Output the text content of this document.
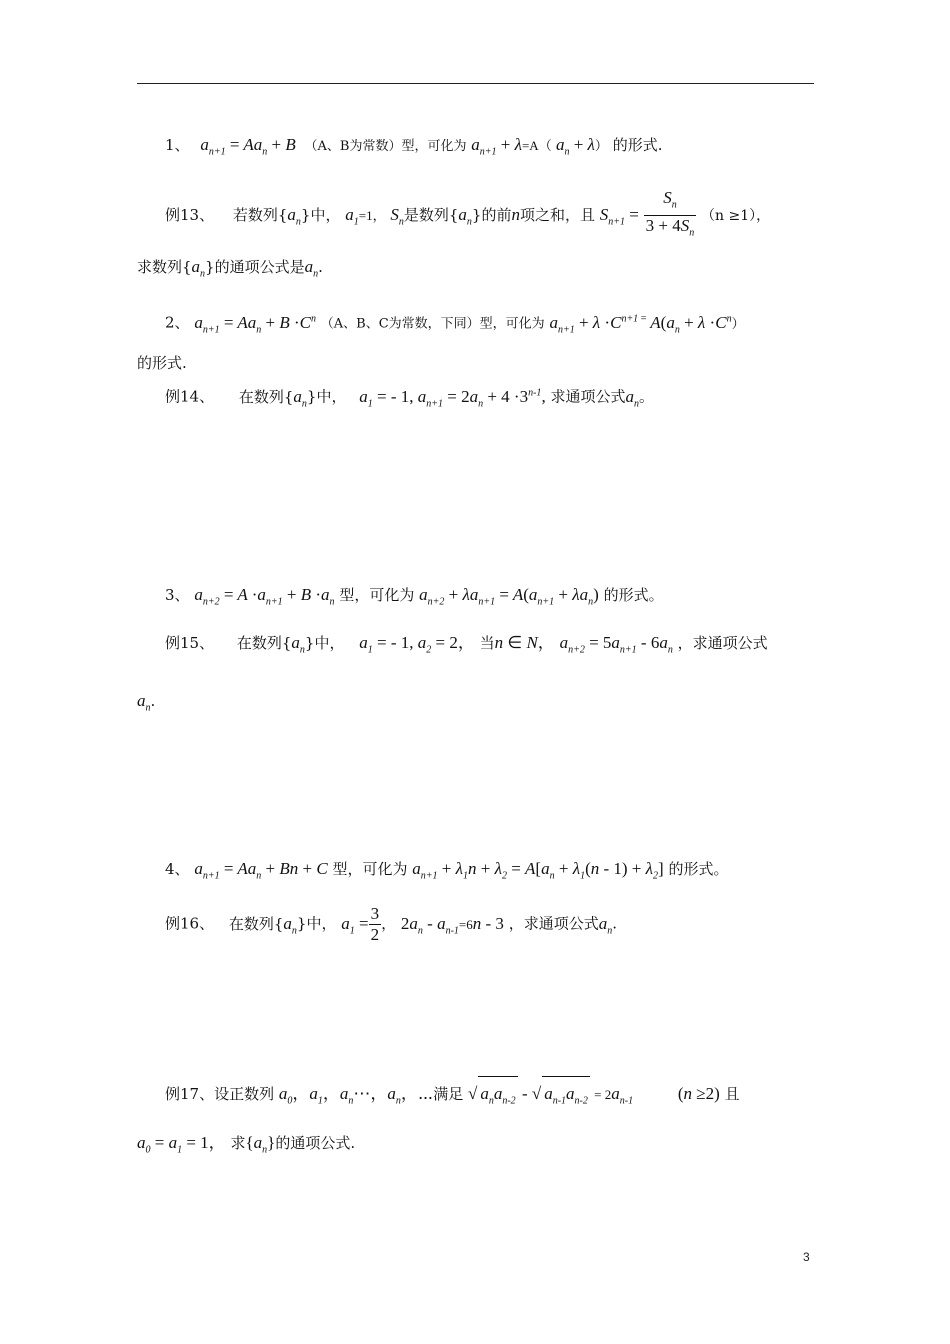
1、 $a_{n+1} = Aa_n + B$ （A、B为常数）型，可化为 $a_{n+1} + \lambda=A$（ $a_n + \lambda$） 的形式.
例13、 若数列$\{a_n\}$中， $a_1=1$， $S_n$是数列$\{a_n\}$的前n项之和，且 $S_{n+1} = \frac{S_n}{3 + 4S_n} (n \ge 1)$，
求数列$\{a_n\}$的通项公式是$a_n$.
2、 $a_{n+1} = Aa_n + B \cdot C^n$ （A、B、C为常数，下同）型，可化为 $a_{n+1} + \lambda \cdot C^{n+1 =}$ $A(a_n + \lambda \cdot C^n)$
的形式.
例14、 在数列$\{a_n\}$中， $a_1$ = - 1, $a_{n+1} = 2a_n + 4 \cdot 3^{n-1}$, 求通项公式$a_n$。
3、 $a_{n+2} = A \cdot a_{n+1} + B \cdot a_n$ 型，可化为 $a_{n+2} + \lambda a_{n+1} = A(a_{n+1} + \lambda a_n)$ 的形式。
例15、 在数列$\{a_n\}$中， $a_1$ = - 1, $a_2 = 2$， 当n ∈ N， $a_{n+2} = 5a_{n+1} - 6a_n$ ，求通项公式
$a_n$.
4、 $a_{n+1} = Aa_n + Bn + C$ 型，可化为 $a_{n+1} + \lambda_1n + \lambda_2 = A[a_n + \lambda_1(n - 1) + \lambda_2]$ 的形式。
例16、 在数列$\{a_n\}$中， $a_1 = \frac{3}{2}$ ， $2a_n - a_{n-1}=6n - 3$ ，求通项公式$a_n$.
例17、设正数列 $a_0$，$a_1$，$a_n\cdots$，$a_n$，⋯满足 √ $a_na_{n-2}$ - √ $a_{n-1}a_{n-2} = 2a_{n-1}$	(n ≥2) 且
$a_0 = a_1 = 1$， 求$\{a_n\}$的通项公式.
3
